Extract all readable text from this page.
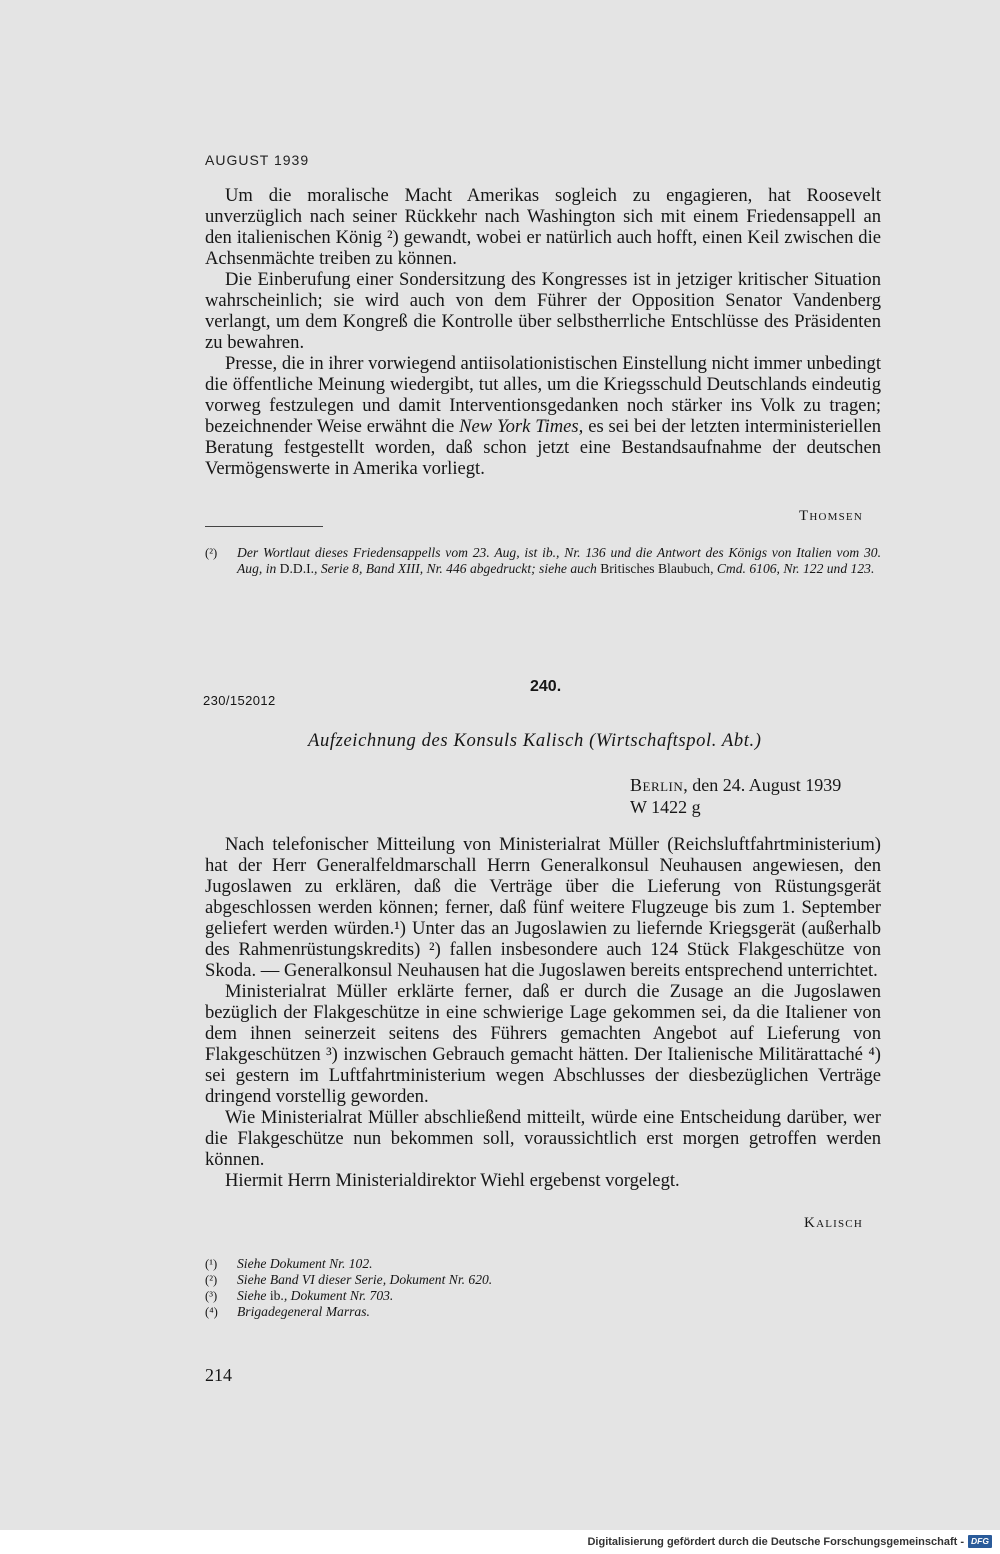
AUGUST 1939

Um die moralische Macht Amerikas sogleich zu engagieren, hat Roosevelt unverzüglich nach seiner Rückkehr nach Washington sich mit einem Friedensappell an den italienischen König ²) gewandt, wobei er natürlich auch hofft, einen Keil zwischen die Achsenmächte treiben zu können.

Die Einberufung einer Sondersitzung des Kongresses ist in jetziger kritischer Situation wahrscheinlich; sie wird auch von dem Führer der Opposition Senator Vandenberg verlangt, um dem Kongreß die Kontrolle über selbstherrliche Entschlüsse des Präsidenten zu bewahren.

Presse, die in ihrer vorwiegend antiisolationistischen Einstellung nicht immer unbedingt die öffentliche Meinung wiedergibt, tut alles, um die Kriegsschuld Deutschlands eindeutig vorweg festzulegen und damit Interventionsgedanken noch stärker ins Volk zu tragen; bezeichnender Weise erwähnt die New York Times, es sei bei der letzten interministeriellen Beratung festgestellt worden, daß schon jetzt eine Bestandsaufnahme der deutschen Vermögenswerte in Amerika vorliegt.

Thomsen
(²)	Der Wortlaut dieses Friedensappells vom 23. Aug, ist ib., Nr. 136 und die Antwort des Königs von Italien vom 30. Aug, in D.D.I., Serie 8, Band XIII, Nr. 446 abgedruckt; siehe auch Britisches Blaubuch, Cmd. 6106, Nr. 122 und 123.
240.
230/152012
Aufzeichnung des Konsuls Kalisch (Wirtschaftspol. Abt.)
Berlin, den 24. August 1939
W 1422 g

Nach telefonischer Mitteilung von Ministerialrat Müller (Reichsluftfahrtministerium) hat der Herr Generalfeldmarschall Herrn Generalkonsul Neuhausen angewiesen, den Jugoslawen zu erklären, daß die Verträge über die Lieferung von Rüstungsgerät abgeschlossen werden können; ferner, daß fünf weitere Flugzeuge bis zum 1. September geliefert werden würden.¹) Unter das an Jugoslawien zu liefernde Kriegsgerät (außerhalb des Rahmenrüstungskredits) ²) fallen insbesondere auch 124 Stück Flakgeschütze von Skoda. — Generalkonsul Neuhausen hat die Jugoslawen bereits entsprechend unterrichtet.

Ministerialrat Müller erklärte ferner, daß er durch die Zusage an die Jugoslawen bezüglich der Flakgeschütze in eine schwierige Lage gekommen sei, da die Italiener von dem ihnen seinerzeit seitens des Führers gemachten Angebot auf Lieferung von Flakgeschützen ³) inzwischen Gebrauch gemacht hätten. Der Italienische Militärattaché ⁴) sei gestern im Luftfahrtministerium wegen Abschlusses der diesbezüglichen Verträge dringend vorstellig geworden.

Wie Ministerialrat Müller abschließend mitteilt, würde eine Entscheidung darüber, wer die Flakgeschütze nun bekommen soll, voraussichtlich erst morgen getroffen werden können.

Hiermit Herrn Ministerialdirektor Wiehl ergebenst vorgelegt.

Kalisch
(¹)	Siehe Dokument Nr. 102.
(²)	Siehe Band VI dieser Serie, Dokument Nr. 620.
(³)	Siehe ib., Dokument Nr. 703.
(⁴)	Brigadegeneral Marras.
214
Digitalisierung gefördert durch die Deutsche Forschungsgemeinschaft - DFG
